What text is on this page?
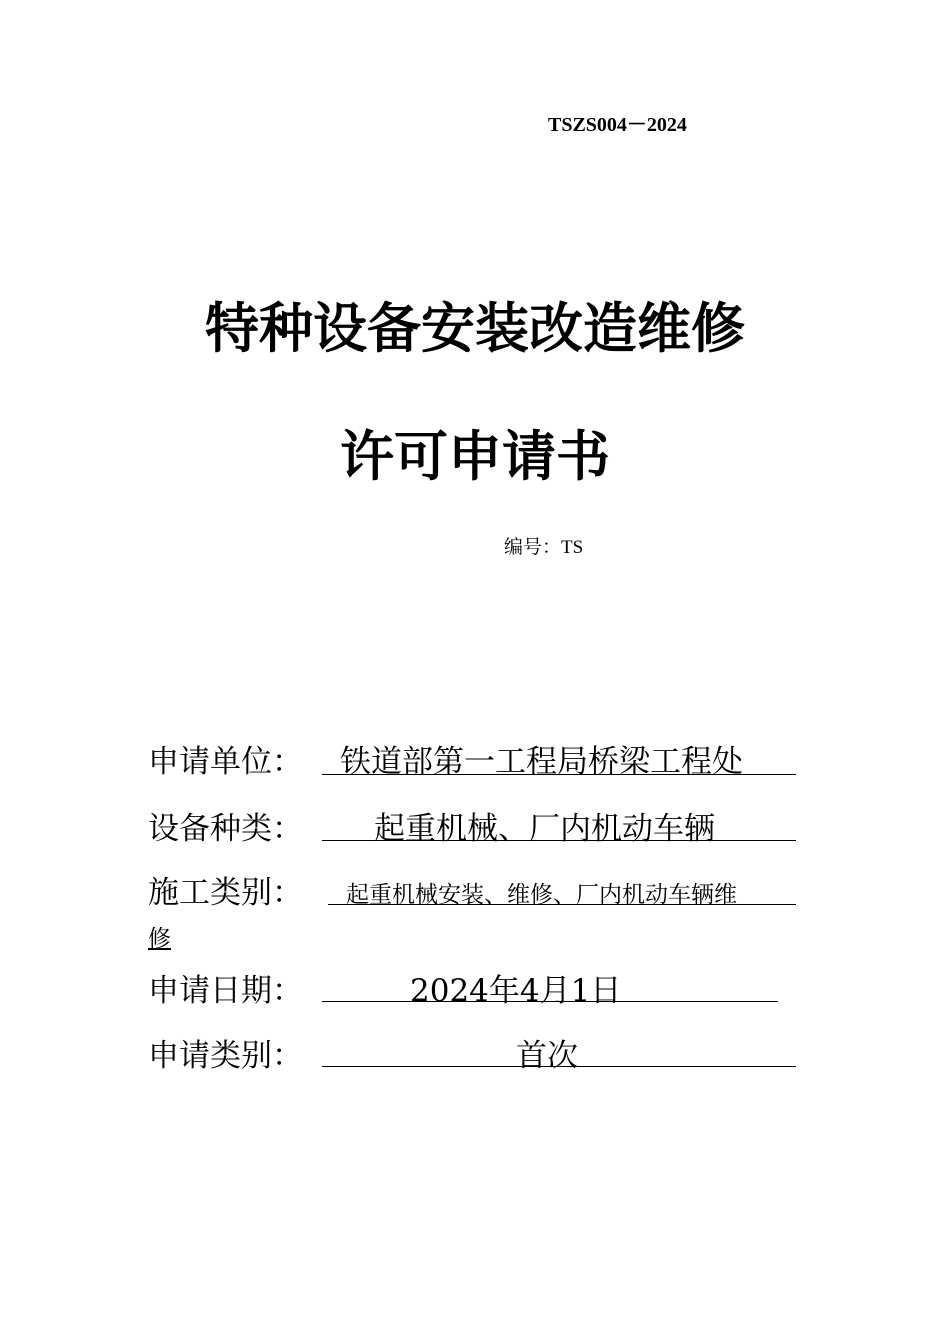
TSZS004－2024
特种设备安装改造维修
许可申请书
编号：TS
申请单位： 铁道部第一工程局桥梁工程处
设备种类： 起重机械、厂内机动车辆
施工类别： 起重机械安装、维修、厂内机动车辆维
修
申请日期：	2024年4月1日
申请类别：	首次
